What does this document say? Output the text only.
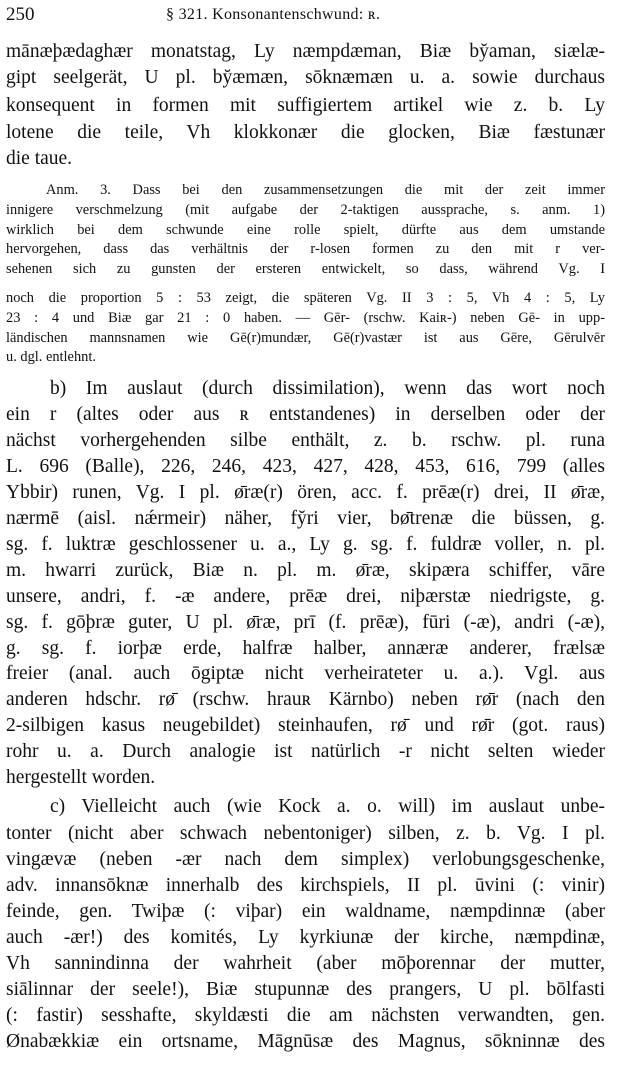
250	§ 321. Konsonantenschwund: ʀ.
mānæþædaghær monatstag, Ly næmpdæman, Biæ by̆aman, siælæ-
gipt seelgerät, U pl. by̆æmæn, sōknæmæn u. a. sowie durchaus
konsequent in formen mit suffigiertem artikel wie z. b. Ly
lotene die teile, Vh klokkonær die glocken, Biæ fæstunær
die taue.
Anm. 3. Dass bei den zusammensetzungen die mit der zeit immer
innigere verschmelzung (mit aufgabe der 2-taktigen aussprache, s. anm. 1)
wirklich bei dem schwunde eine rolle spielt, dürfte aus dem umstande
hervorgehen, dass das verhältnis der r-losen formen zu den mit r ver-
sehenen sich zu gunsten der ersteren entwickelt, so dass, während Vg. I
noch die proportion 5 : 53 zeigt, die späteren Vg. II 3 : 5, Vh 4 : 5, Ly
23 : 4 und Biæ gar 21 : 0 haben. — Gēr- (rschw. Kaiʀ-) neben Gē- in upp-
ländischen mannsnamen wie Gē(r)mundær, Gē(r)vastær ist aus Gēre, Gērulvēr
u. dgl. entlehnt.
b) Im auslaut (durch dissimilation), wenn das wort noch
ein r (altes oder aus ʀ entstandenes) in derselben oder der
nächst vorhergehenden silbe enthält, z. b. rschw. pl. runa
L. 696 (Balle), 226, 246, 423, 427, 428, 453, 616, 799 (alles
Ybbir) runen, Vg. I pl. ø̄ræ(r) ören, acc. f. prēæ(r) drei, II ø̄ræ,
nærmē (aisl. nǽrmeir) näher, fy̆ri vier, bø̄trenæ die büssen, g.
sg. f. luktræ geschlossener u. a., Ly g. sg. f. fuldræ voller, n. pl.
m. hwarri zurück, Biæ n. pl. m. ø̄ræ, skipæra schiffer, vāre
unsere, andri, f. -æ andere, prēæ drei, niþærstæ niedrigste, g.
sg. f. gōþræ guter, U pl. ø̄ræ, prī (f. prēæ), fūri (-æ), andri (-æ),
g. sg. f. iorþæ erde, halfræ halber, annæræ anderer, frælsæ
freier (anal. auch ōgiptæ nicht verheirateter u. a.). Vgl. aus
anderen hdschr. rø̄ (rschw. hrauʀ Kärnbo) neben rø̄r (nach den
2-silbigen kasus neugebildet) steinhaufen, rø̄ und rø̄r (got. raus)
rohr u. a. Durch analogie ist natürlich -r nicht selten wieder
hergestellt worden.
c) Vielleicht auch (wie Kock a. o. will) im auslaut unbe-
tonter (nicht aber schwach nebentoniger) silben, z. b. Vg. I pl.
vingævæ (neben -ær nach dem simplex) verlobungsgeschenke,
adv. innansōknæ innerhalb des kirchspiels, II pl. ūvini (: vinir)
feinde, gen. Twiþæ (: viþar) ein waldname, næmpdinnæ (aber
auch -ær!) des komités, Ly kyrkiunæ der kirche, næmpdinæ,
Vh sannindinna der wahrheit (aber mōþorennar der mutter,
siālinnar der seele!), Biæ stupunnæ des prangers, U pl. bōlfasti
(: fastir) sesshafte, skyldæsti die am nächsten verwandten, gen.
Ønabækkiæ ein ortsname, Māgnūsæ des Magnus, sōkninnæ des
